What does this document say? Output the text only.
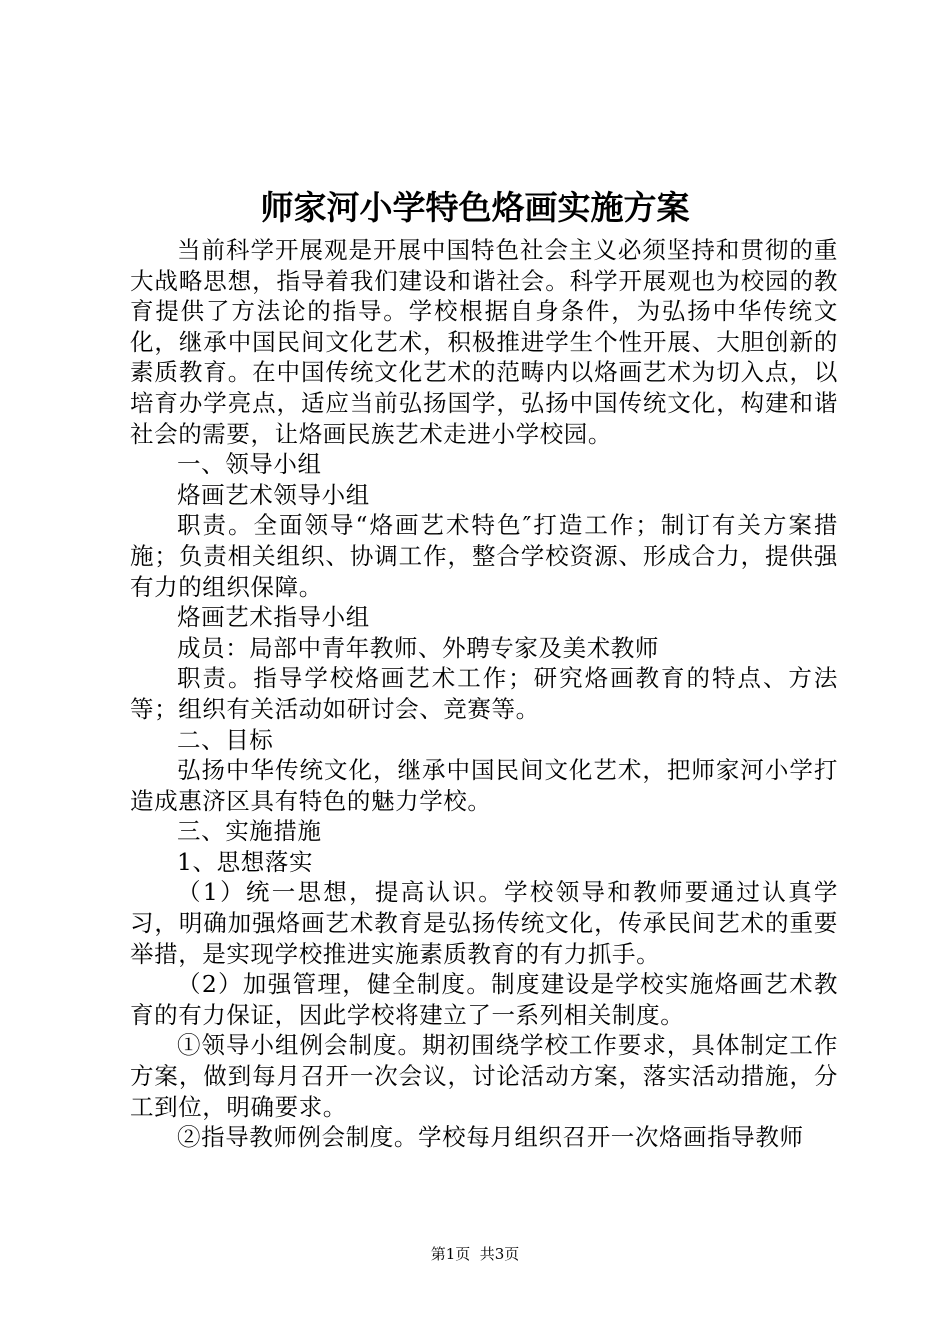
师家河小学特色烙画实施方案

当前科学开展观是开展中国特色社会主义必须坚持和贯彻的重大战略思想，指导着我们建设和谐社会。科学开展观也为校园的教育提供了方法论的指导。学校根据自身条件，为弘扬中华传统文化，继承中国民间文化艺术，积极推进学生个性开展、大胆创新的素质教育。在中国传统文化艺术的范畴内以烙画艺术为切入点，以培育办学亮点，适应当前弘扬国学，弘扬中国传统文化，构建和谐社会的需要，让烙画民族艺术走进小学校园。

一、领导小组

烙画艺术领导小组

职责。全面领导“烙画艺术特色″打造工作；制订有关方案措施；负责相关组织、协调工作，整合学校资源、形成合力，提供强有力的组织保障。

烙画艺术指导小组

成员：局部中青年教师、外聘专家及美术教师

职责。指导学校烙画艺术工作；研究烙画教育的特点、方法等；组织有关活动如研讨会、竞赛等。

二、目标

弘扬中华传统文化，继承中国民间文化艺术，把师家河小学打造成惠济区具有特色的魅力学校。

三、实施措施

1、思想落实

（1）统一思想，提高认识。学校领导和教师要通过认真学习，明确加强烙画艺术教育是弘扬传统文化，传承民间艺术的重要举措，是实现学校推进实施素质教育的有力抓手。

（2）加强管理，健全制度。制度建设是学校实施烙画艺术教育的有力保证，因此学校将建立了一系列相关制度。

①领导小组例会制度。期初围绕学校工作要求，具体制定工作方案，做到每月召开一次会议，讨论活动方案，落实活动措施，分工到位，明确要求。

②指导教师例会制度。学校每月组织召开一次烙画指导教师

第1页  共3页
